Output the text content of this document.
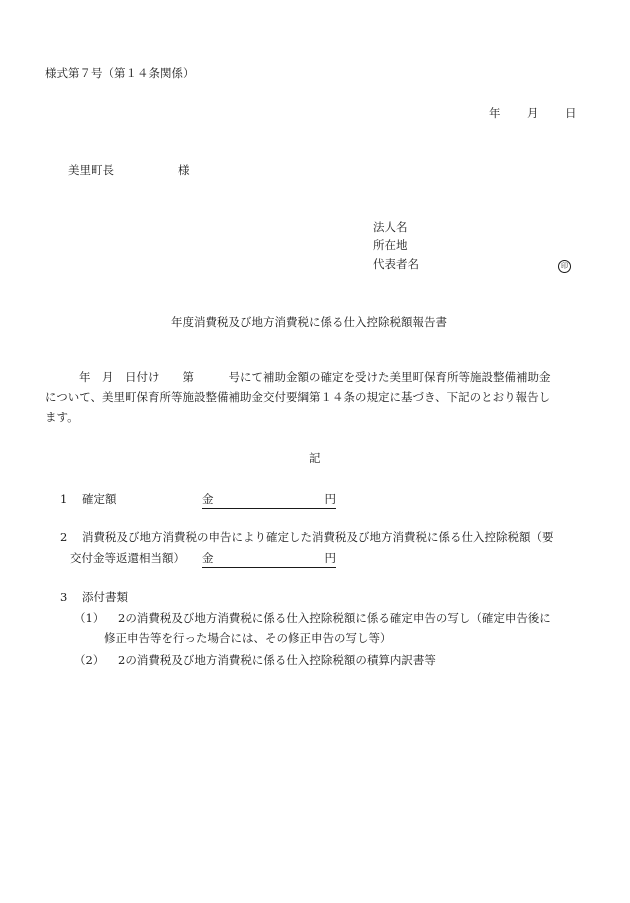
様式第７号（第１４条関係）
年 月 日
美里町長	様
法人名
所在地
代表者名	印
年度消費税及び地方消費税に係る仕入控除税額報告書
年　月　日付け　　第　　　号にて補助金額の確定を受けた美里町保育所等施設整備補助金
について、美里町保育所等施設整備補助金交付要綱第１４条の規定に基づき、下記のとおり報告し
ます。
記
1 確定額	金	円
2 消費税及び地方消費税の申告により確定した消費税及び地方消費税に係る仕入控除税額（要
交付金等返還相当額） 金	円
3 添付書類
（1） 2の消費税及び地方消費税に係る仕入控除税額に係る確定申告の写し（確定申告後に
修正申告等を行った場合には、その修正申告の写し等）
（2） 2の消費税及び地方消費税に係る仕入控除税額の積算内訳書等
